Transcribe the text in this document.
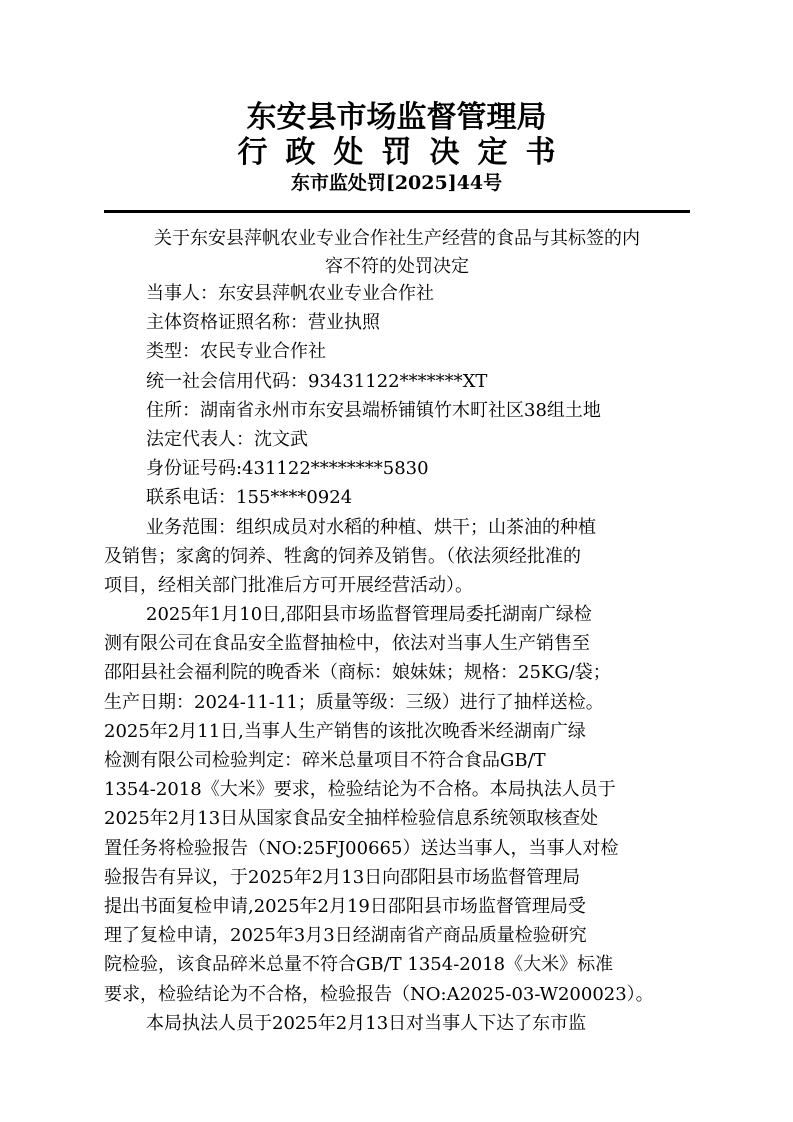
东安县市场监督管理局
行政处罚决定书
东市监处罚[2025]44号
关于东安县萍帆农业专业合作社生产经营的食品与其标签的内
容不符的处罚决定
当事人：东安县萍帆农业专业合作社
主体资格证照名称：营业执照
类型：农民专业合作社
统一社会信用代码：93431122*******XT
住所：湖南省永州市东安县端桥铺镇竹木町社区38组土地
法定代表人：沈文武
身份证号码:431122********5830
联系电话：155****0924
业务范围：组织成员对水稻的种植、烘干；山茶油的种植
及销售；家禽的饲养、牲禽的饲养及销售。（依法须经批准的
项目，经相关部门批准后方可开展经营活动）。
2025年1月10日,邵阳县市场监督管理局委托湖南广绿检
测有限公司在食品安全监督抽检中，依法对当事人生产销售至
邵阳县社会福利院的晚香米（商标：娘妹妹；规格：25KG/袋；
生产日期：2024-11-11；质量等级：三级）进行了抽样送检。
2025年2月11日,当事人生产销售的该批次晚香米经湖南广绿
检测有限公司检验判定：碎米总量项目不符合食品GB/T
1354-2018《大米》要求，检验结论为不合格。本局执法人员于
2025年2月13日从国家食品安全抽样检验信息系统领取核查处
置任务将检验报告（NO:25FJ00665）送达当事人，当事人对检
验报告有异议，于2025年2月13日向邵阳县市场监督管理局
提出书面复检申请,2025年2月19日邵阳县市场监督管理局受
理了复检申请，2025年3月3日经湖南省产商品质量检验研究
院检验，该食品碎米总量不符合GB/T 1354-2018《大米》标准
要求，检验结论为不合格，检验报告（NO:A2025-03-W200023）。
本局执法人员于2025年2月13日对当事人下达了东市监
